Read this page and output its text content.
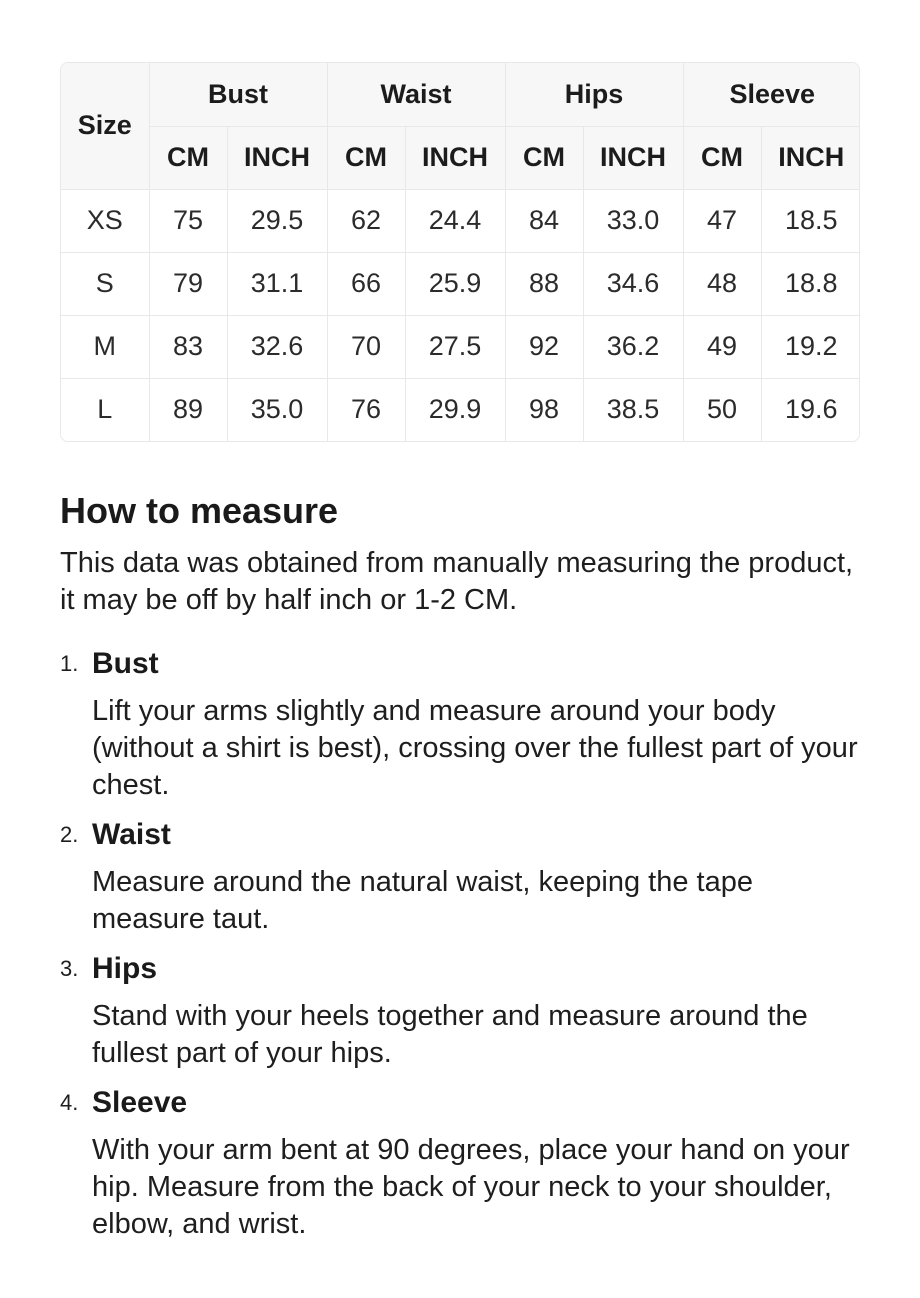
Size	Bust		Waist		Hips		Sleeve	
	CM	INCH	CM	INCH	CM	INCH	CM	INCH
XS	75	29.5	62	24.4	84	33.0	47	18.5
S	79	31.1	66	25.9	88	34.6	48	18.8
M	83	32.6	70	27.5	92	36.2	49	19.2
L	89	35.0	76	29.9	98	38.5	50	19.6
How to measure

This data was obtained from manually measuring the product, it may be off by half inch or 1-2 CM.

1. Bust

Lift your arms slightly and measure around your body (without a shirt is best), crossing over the fullest part of your chest.

2. Waist

Measure around the natural waist, keeping the tape measure taut.

3. Hips

Stand with your heels together and measure around the fullest part of your hips.

4. Sleeve

With your arm bent at 90 degrees, place your hand on your hip. Measure from the back of your neck to your shoulder, elbow, and wrist.
